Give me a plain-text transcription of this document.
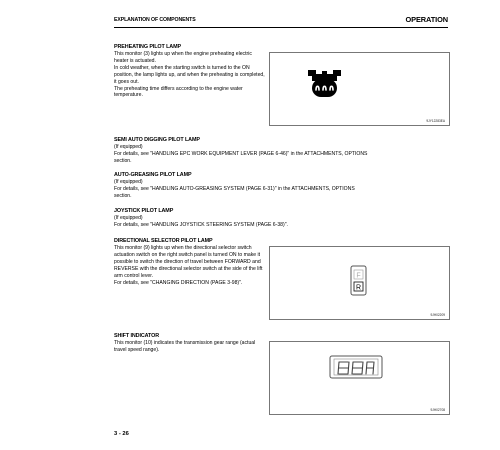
EXPLANATION OF COMPONENTS	OPERATION
PREHEATING PILOT LAMP

This monitor (3) lights up when the engine preheating electric

heater is actuated.

In cold weather, when the starting switch is turned to the ON

position, the lamp lights up, and when the preheating is completed,

it goes out.

The preheating time differs according to the engine water

temperature.

9JY12283EA
SEMI AUTO DIGGING PILOT LAMP

(If equipped)

For details, see "HANDLING EPC WORK EQUIPMENT LEVER (PAGE 6-46)" in the ATTACHMENTS, OPTIONS

section.

AUTO-GREASING PILOT LAMP

(If equipped)

For details, see "HANDLING AUTO-GREASING SYSTEM (PAGE 6-31)" in the ATTACHMENTS, OPTIONS

section.

JOYSTICK PILOT LAMP

(If equipped)

For details, see "HANDLING JOYSTICK STEERING SYSTEM (PAGE 6-38)".

DIRECTIONAL SELECTOR PILOT LAMP

This monitor (9) lights up when the directional selector switch

actuation switch on the right switch panel is turned ON to make it

possible to switch the direction of travel between FORWARD and

REVERSE with the directional selector switch at the side of the lift

arm control lever.

For details, see "CHANGING DIRECTION (PAGE 3-98)".

F
R
9JH02209
SHIFT INDICATOR

This monitor (10) indicates the transmission gear range (actual

travel speed range).

9JH02708
3 - 26
